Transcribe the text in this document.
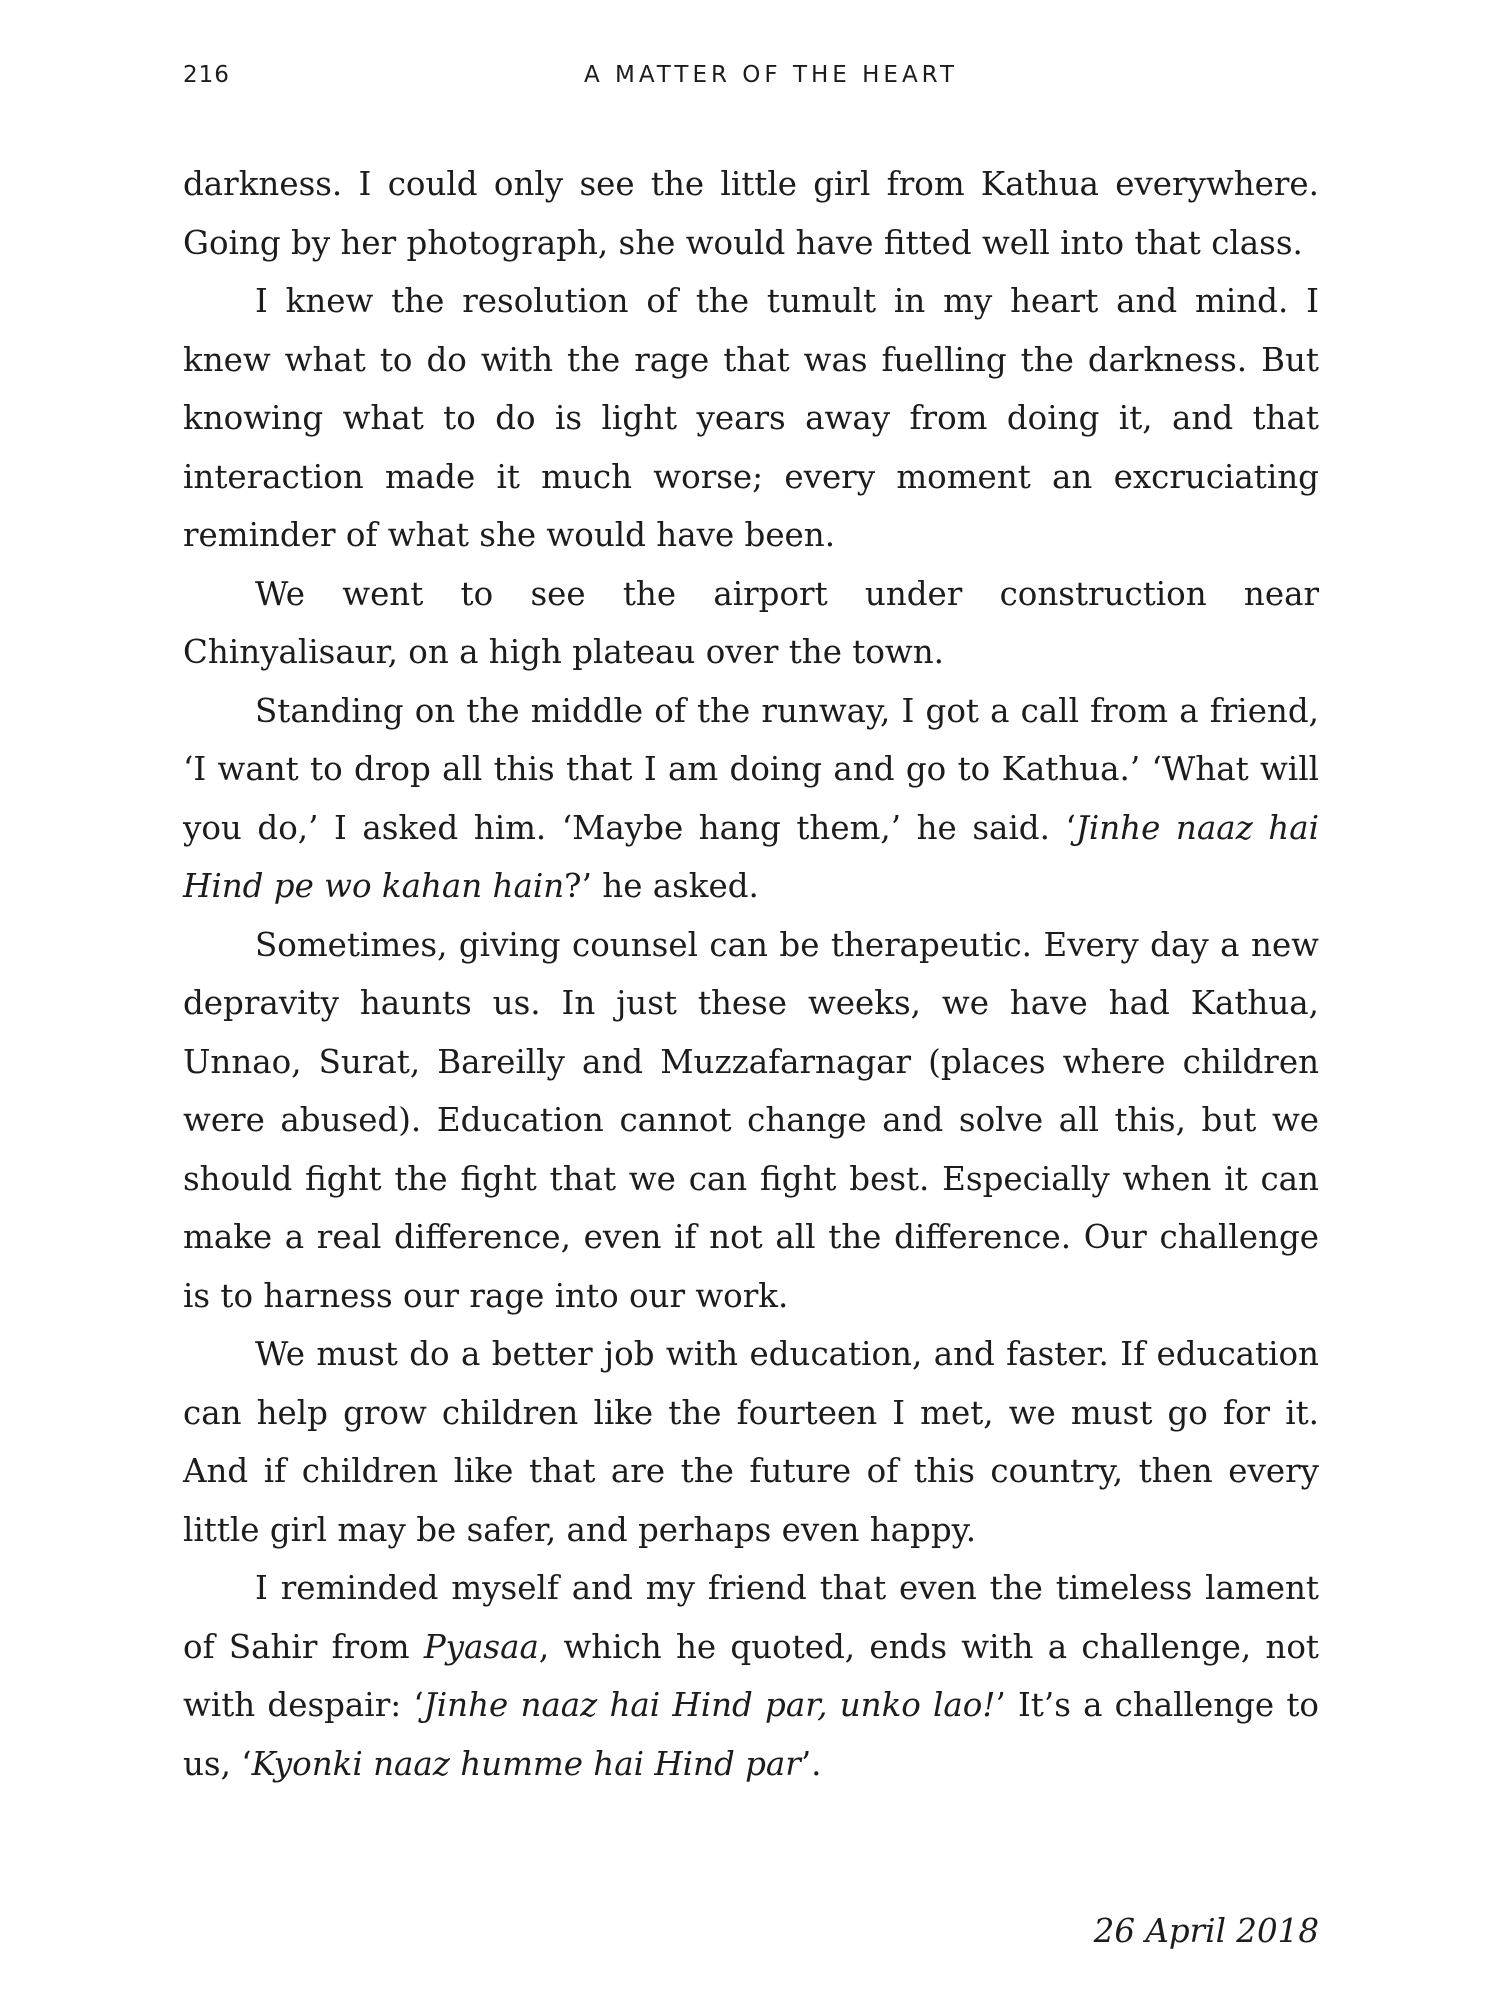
216	A MATTER OF THE HEART

darkness. I could only see the little girl from Kathua everywhere. Going by her photograph, she would have fitted well into that class.

I knew the resolution of the tumult in my heart and mind. I knew what to do with the rage that was fuelling the darkness. But knowing what to do is light years away from doing it, and that interaction made it much worse; every moment an excruciating reminder of what she would have been.

We went to see the airport under construction near Chinyalisaur, on a high plateau over the town.

Standing on the middle of the runway, I got a call from a friend, ‘I want to drop all this that I am doing and go to Kathua.’ ‘What will you do,’ I asked him. ‘Maybe hang them,’ he said. ‘Jinhe naaz hai Hind pe wo kahan hain?’ he asked.

Sometimes, giving counsel can be therapeutic. Every day a new depravity haunts us. In just these weeks, we have had Kathua, Unnao, Surat, Bareilly and Muzzafarnagar (places where children were abused). Education cannot change and solve all this, but we should fight the fight that we can fight best. Especially when it can make a real difference, even if not all the difference. Our challenge is to harness our rage into our work.

We must do a better job with education, and faster. If education can help grow children like the fourteen I met, we must go for it. And if children like that are the future of this country, then every little girl may be safer, and perhaps even happy.

I reminded myself and my friend that even the timeless lament of Sahir from Pyasaa, which he quoted, ends with a challenge, not with despair: ‘Jinhe naaz hai Hind par, unko lao!’ It’s a challenge to us, ‘Kyonki naaz humme hai Hind par’.

26 April 2018
